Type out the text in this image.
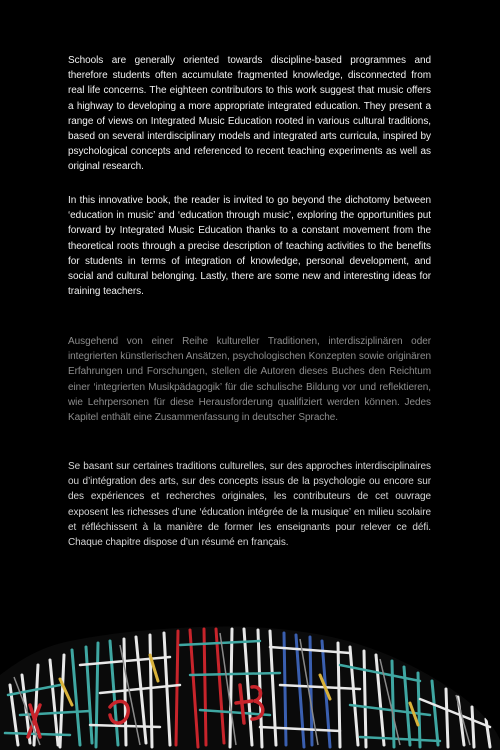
Schools are generally oriented towards discipline-based programmes and therefore students often accumulate fragmented knowledge, disconnected from real life concerns. The eighteen contributors to this work suggest that music offers a highway to developing a more appropriate integrated education. They present a range of views on Integrated Music Education rooted in various cultural traditions, based on several interdisciplinary models and integrated arts curricula, inspired by psychological concepts and referenced to recent teaching experiments as well as original research.

In this innovative book, the reader is invited to go beyond the dichotomy between ‘education in music’ and ‘education through music’, exploring the opportunities put forward by Integrated Music Education thanks to a constant movement from the theoretical roots through a precise description of teaching activities to the benefits for students in terms of integration of knowledge, personal development, and social and cultural belonging. Lastly, there are some new and interesting ideas for training teachers.

Ausgehend von einer Reihe kultureller Traditionen, interdisziplinären oder integrierten künstlerischen Ansätzen, psychologischen Konzepten sowie originären Erfahrungen und Forschungen, stellen die Autoren dieses Buches den Reichtum einer ‘integrierten Musikpädagogik’ für die schulische Bildung vor und reflektieren, wie Lehrpersonen für diese Herausforderung qualifiziert werden können. Jedes Kapitel enthält eine Zusammenfassung in deutscher Sprache.

Se basant sur certaines traditions culturelles, sur des approches interdisciplinaires ou d’intégration des arts, sur des concepts issus de la psychologie ou encore sur des expériences et recherches originales, les contributeurs de cet ouvrage exposent les richesses d’une ‘éducation intégrée de la musique’ en milieu scolaire et réfléchissent à la manière de former les enseignants pour relever ce défi. Chaque chapitre dispose d’un résumé en français.
